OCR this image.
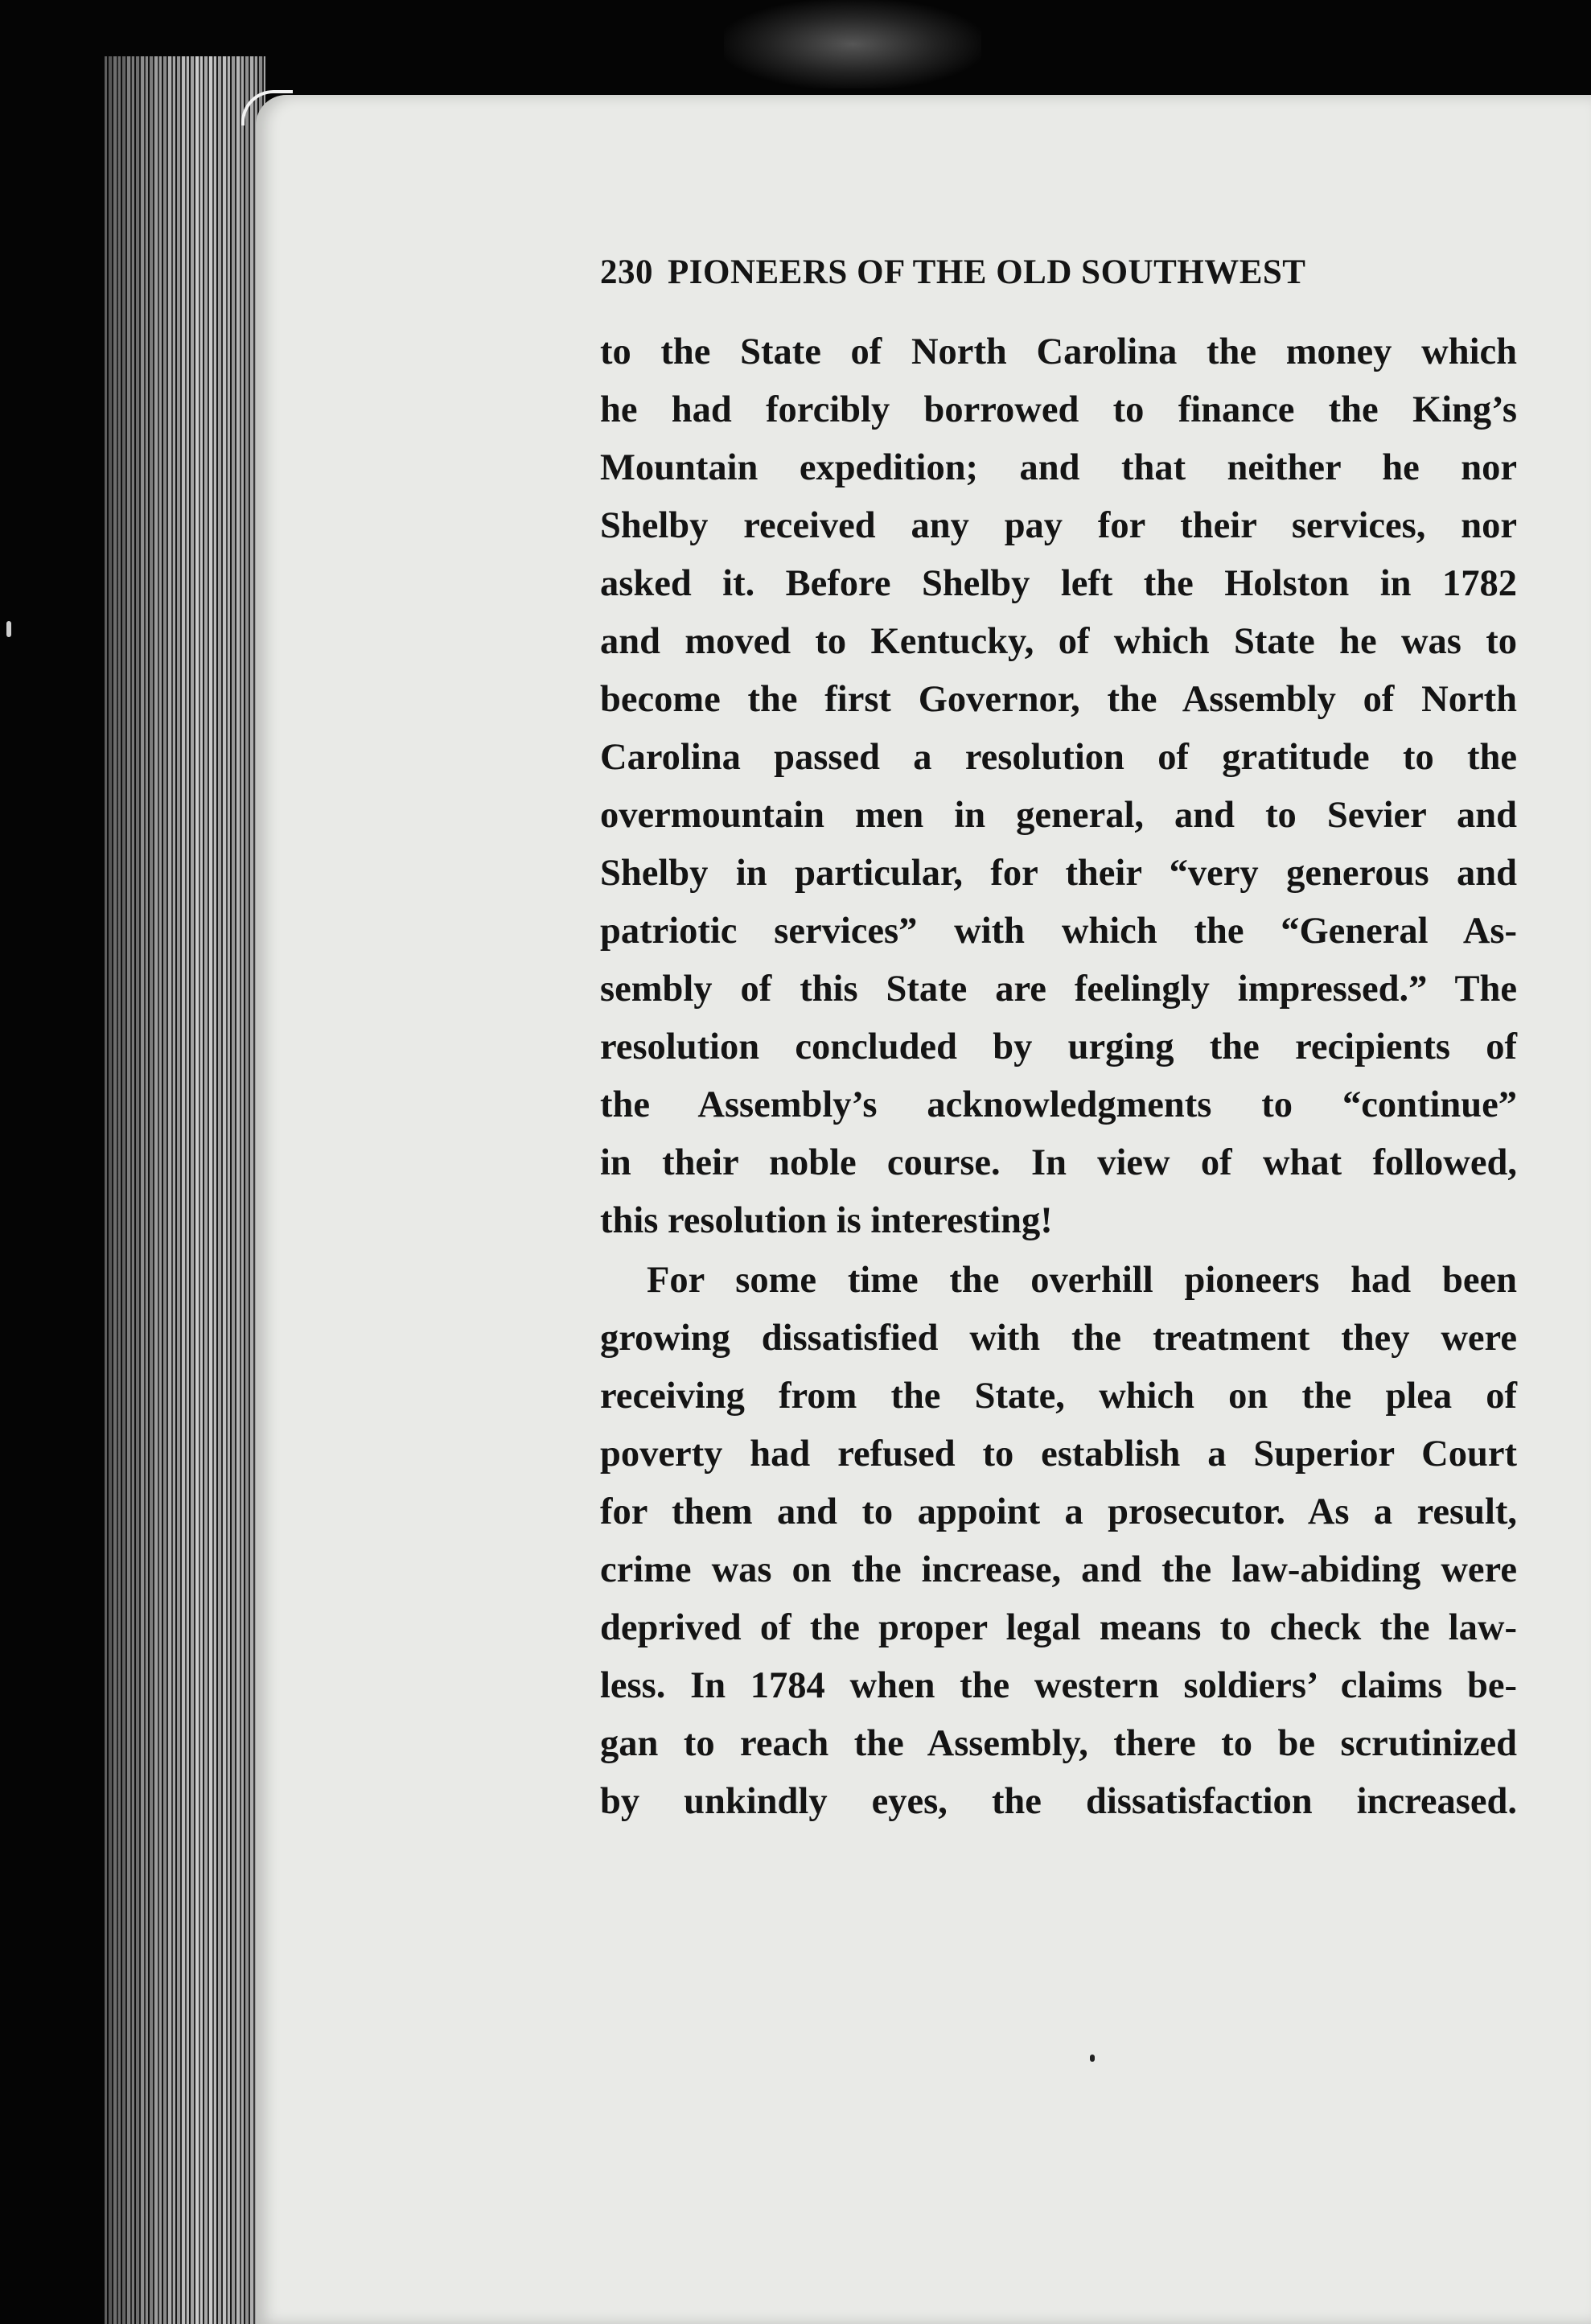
230 PIONEERS OF THE OLD SOUTHWEST
to the State of North Carolina the money which
he had forcibly borrowed to finance the King’s
Mountain expedition; and that neither he nor
Shelby received any pay for their services, nor
asked it. Before Shelby left the Holston in 1782
and moved to Kentucky, of which State he was to
become the first Governor, the Assembly of North
Carolina passed a resolution of gratitude to the
overmountain men in general, and to Sevier and
Shelby in particular, for their “very generous and
patriotic services” with which the “General As-
sembly of this State are feelingly impressed.” The
resolution concluded by urging the recipients of
the Assembly’s acknowledgments to “continue”
in their noble course. In view of what followed,
this resolution is interesting!
For some time the overhill pioneers had been
growing dissatisfied with the treatment they were
receiving from the State, which on the plea of
poverty had refused to establish a Superior Court
for them and to appoint a prosecutor. As a result,
crime was on the increase, and the law-abiding were
deprived of the proper legal means to check the law-
less. In 1784 when the western soldiers’ claims be-
gan to reach the Assembly, there to be scrutinized
by unkindly eyes, the dissatisfaction increased.
